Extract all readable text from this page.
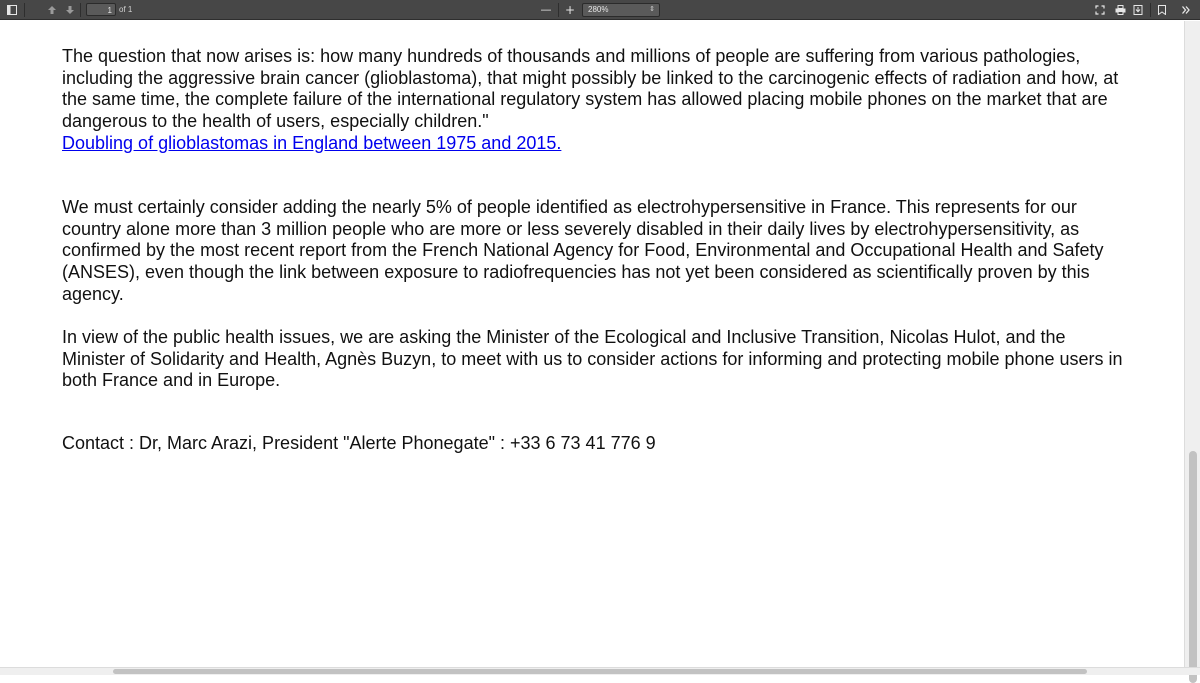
1 of 1	— +	280%	⇕

The question that now arises is: how many hundreds of thousands and millions of people are suffering from various pathologies, including the aggressive brain cancer (glioblastoma), that might possibly be linked to the carcinogenic effects of radiation and how, at the same time, the complete failure of the international regulatory system has allowed placing mobile phones on the market that are dangerous to the health of users, especially children."
Doubling of glioblastomas in England between 1975 and 2015.

We must certainly consider adding the nearly 5% of people identified as electrohypersensitive in France. This represents for our country alone more than 3 million people who are more or less severely disabled in their daily lives by electrohypersensitivity, as confirmed by the most recent report from the French National Agency for Food, Environmental and Occupational Health and Safety (ANSES), even though the link between exposure to radiofrequencies has not yet been considered as scientifically proven by this agency.

In view of the public health issues, we are asking the Minister of the Ecological and Inclusive Transition, Nicolas Hulot, and the Minister of Solidarity and Health, Agnès Buzyn, to meet with us to consider actions for informing and protecting mobile phone users in both France and in Europe.

Contact : Dr, Marc Arazi, President "Alerte Phonegate" : +33 6 73 41 776 9
